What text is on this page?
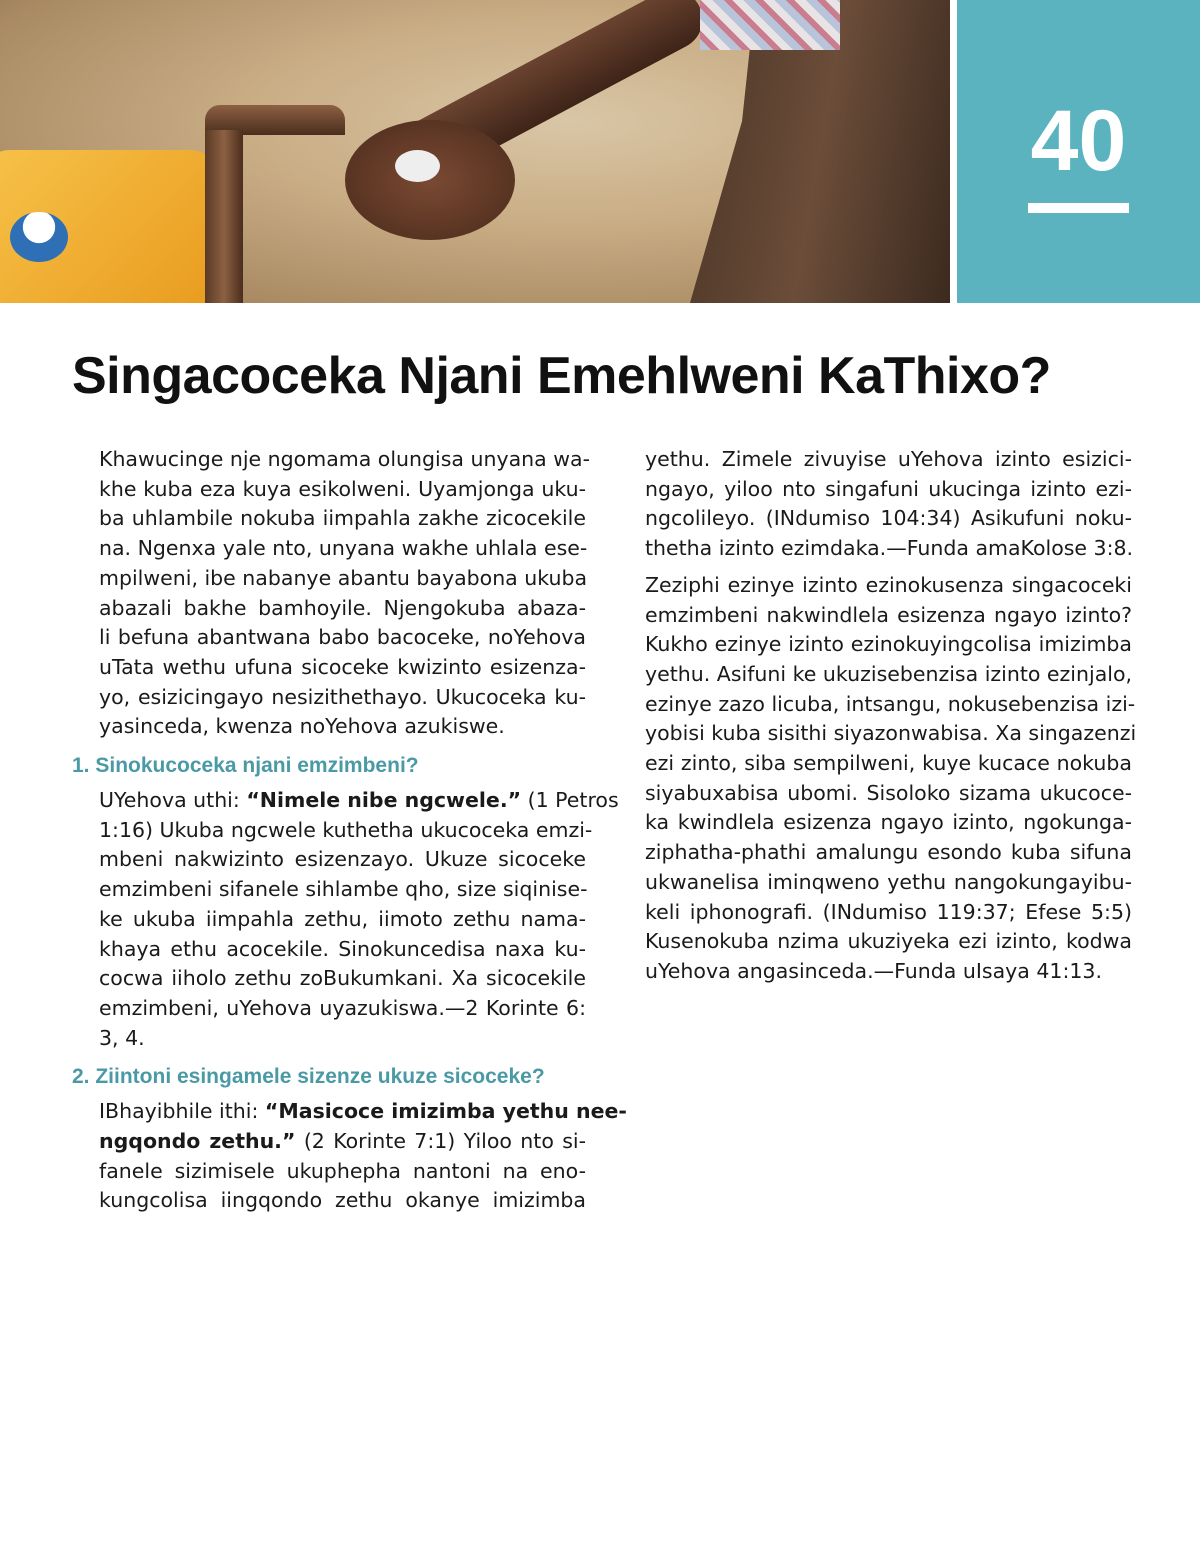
40
Singacoceka Njani Emehlweni KaThixo?
Khawucinge nje ngomama olungisa unyana wa-
khe kuba eza kuya esikolweni. Uyamjonga uku-
ba uhlambile nokuba iimpahla zakhe zicocekile
na. Ngenxa yale nto, unyana wakhe uhlala ese-
mpilweni, ibe nabanye abantu bayabona ukuba
abazali bakhe bamhoyile. Njengokuba abaza-
li befuna abantwana babo bacoceke, noYehova
uTata wethu ufuna sicoceke kwizinto esizenza-
yo, esizicingayo nesizithethayo. Ukucoceka ku-
yasinceda, kwenza noYehova azukiswe.
1. Sinokucoceka njani emzimbeni?
UYehova uthi: “Nimele nibe ngcwele.” (1 Petros
1:16) Ukuba ngcwele kuthetha ukucoceka emzi-
mbeni nakwizinto esizenzayo. Ukuze sicoceke
emzimbeni sifanele sihlambe qho, size siqinise-
ke ukuba iimpahla zethu, iimoto zethu nama-
khaya ethu acocekile. Sinokuncedisa naxa ku-
cocwa iiholo zethu zoBukumkani. Xa sicocekile
emzimbeni, uYehova uyazukiswa.—2 Korinte 6:
3, 4.
2. Ziintoni esingamele sizenze ukuze sicoceke?
IBhayibhile ithi: “Masicoce imizimba yethu nee-
ngqondo zethu.” (2 Korinte 7:1) Yiloo nto si-
fanele sizimisele ukuphepha nantoni na eno-
kungcolisa iingqondo zethu okanye imizimba
yethu. Zimele zivuyise uYehova izinto esizici-
ngayo, yiloo nto singafuni ukucinga izinto ezi-
ngcolileyo. (INdumiso 104:34) Asikufuni noku-
thetha izinto ezimdaka.—Funda amaKolose 3:8.
Zeziphi ezinye izinto ezinokusenza singacoceki
emzimbeni nakwindlela esizenza ngayo izinto?
Kukho ezinye izinto ezinokuyingcolisa imizimba
yethu. Asifuni ke ukuzisebenzisa izinto ezinjalo,
ezinye zazo licuba, intsangu, nokusebenzisa izi-
yobisi kuba sisithi siyazonwabisa. Xa singazenzi
ezi zinto, siba sempilweni, kuye kucace nokuba
siyabuxabisa ubomi. Sisoloko sizama ukucoce-
ka kwindlela esizenza ngayo izinto, ngokunga-
ziphatha-phathi amalungu esondo kuba sifuna
ukwanelisa iminqweno yethu nangokungayibu-
keli iphonografi. (INdumiso 119:37; Efese 5:5)
Kusenokuba nzima ukuziyeka ezi izinto, kodwa
uYehova angasinceda.—Funda uIsaya 41:13.
